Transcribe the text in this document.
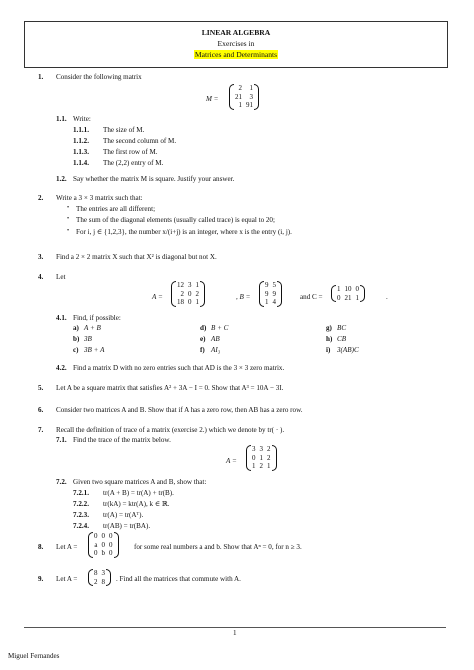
LINEAR ALGEBRA
Exercises in
Matrices and Determinants
1. Consider the following matrix
M =
2	1
21	3
1	91
1.1. Write:
1.1.1. The size of M.
1.1.2. The second column of M.
1.1.3. The first row of M.
1.1.4. The (2,2) entry of M.
1.2. Say whether the matrix M is square. Justify your answer.
2. Write a 3 × 3 matrix such that:
• The entries are all different;
• The sum of the diagonal elements (usually called trace) is equal to 20;
• For i, j ∈ {1,2,3}, the number x/(i+j) is an integer, where x is the entry (i, j).
3. Find a 2 × 2 matrix X such that X² is diagonal but not X.
4. Let
A =
12	3	1
2	0	2
18	0	1
, B =
9	5
9	9
1	4
and C =
1	10	0
0	21	1	.
4.1. Find, if possible:
a) A + B	d) B + C	g) BC
b) 3B	e) AB	h) CB
c) 3B + A	f) AI₃	i) 3(AB)C
4.2. Find a matrix D with no zero entries such that AD is the 3 × 3 zero matrix.
5. Let A be a square matrix that satisfies A² + 3A − I = 0. Show that A³ = 10A − 3I.
6. Consider two matrices A and B. Show that if A has a zero row, then AB has a zero row.
7. Recall the definition of trace of a matrix (exercise 2.) which we denote by tr( · ).
7.1. Find the trace of the matrix below.
A =
3	3	2
0	1	2
1	2	1
7.2. Given two square matrices A and B, show that:
7.2.1. tr(A + B) = tr(A) + tr(B).
7.2.2. tr(kA) = ktr(A), k ∈ ℝ.
7.2.3. tr(A) = tr(Aᵀ).
7.2.4. tr(AB) = tr(BA).
8. Let A =
0	0	0
a	0	0
0	b	0
for some real numbers a and b. Show that Aⁿ = 0, for n ≥ 3.
9. Let A =
8	3
2	8 . Find all the matrices that commute with A.
1
Miguel Fernandes
